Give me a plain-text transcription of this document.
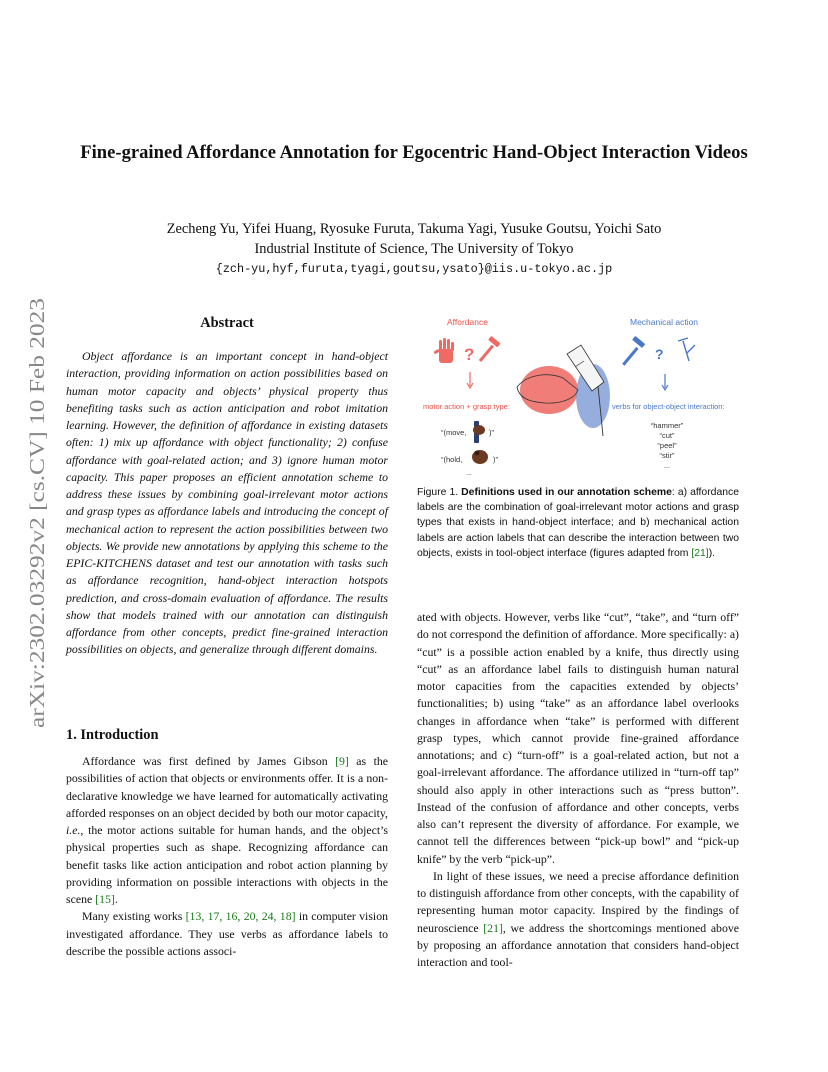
arXiv:2302.03292v2 [cs.CV] 10 Feb 2023
Fine-grained Affordance Annotation for Egocentric Hand-Object Interaction Videos
Zecheng Yu, Yifei Huang, Ryosuke Furuta, Takuma Yagi, Yusuke Goutsu, Yoichi Sato
Industrial Institute of Science, The University of Tokyo
{zch-yu,hyf,furuta,tyagi,goutsu,ysato}@iis.u-tokyo.ac.jp
Abstract

Object affordance is an important concept in hand-object interaction, providing information on action possibilities based on human motor capacity and objects’ physical property thus benefiting tasks such as action anticipation and robot imitation learning. However, the definition of affordance in existing datasets often: 1) mix up affordance with object functionality; 2) confuse affordance with goal-related action; and 3) ignore human motor capacity. This paper proposes an efficient annotation scheme to address these issues by combining goal-irrelevant motor actions and grasp types as affordance labels and introducing the concept of mechanical action to represent the action possibilities between two objects. We provide new annotations by applying this scheme to the EPIC-KITCHENS dataset and test our annotation with tasks such as affordance recognition, hand-object interaction hotspots prediction, and cross-domain evaluation of affordance. The results show that models trained with our annotation can distinguish affordance from other concepts, predict fine-grained interaction possibilities on objects, and generalize through different domains.

1. Introduction

Affordance was first defined by James Gibson [9] as the possibilities of action that objects or environments offer. It is a non-declarative knowledge we have learned for automatically activating afforded responses on an object decided by both our motor capacity, i.e., the motor actions suitable for human hands, and the object’s physical properties such as shape. Recognizing affordance can benefit tasks like action anticipation and robot action planning by providing information on possible interactions with objects in the scene [15].

Many existing works [13, 17, 16, 20, 24, 18] in computer vision investigated affordance. They use verbs as affordance labels to describe the possible actions associ-

Affordance	Mechanical action
?
motor action + grasp type:
“(move,	)”
“(hold,	)”
...
?
verbs for object-object interaction:
“hammer”
“cut”
“peel”
“stir”
...
Figure 1. Definitions used in our annotation scheme: a) affordance labels are the combination of goal-irrelevant motor actions and grasp types that exists in hand-object interface; and b) mechanical action labels are action labels that can describe the interaction between two objects, exists in tool-object interface (figures adapted from [21]).

ated with objects. However, verbs like “cut”, “take”, and “turn off” do not correspond the definition of affordance. More specifically: a) “cut” is a possible action enabled by a knife, thus directly using “cut” as an affordance label fails to distinguish human natural motor capacities from the capacities extended by objects’ functionalities; b) using “take” as an affordance label overlooks changes in affordance when “take” is performed with different grasp types, which cannot provide fine-grained affordance annotations; and c) “turn-off” is a goal-related action, but not a goal-irrelevant affordance. The affordance utilized in “turn-off tap” should also apply in other interactions such as “press button”. Instead of the confusion of affordance and other concepts, verbs also can’t represent the diversity of affordance. For example, we cannot tell the differences between “pick-up bowl” and “pick-up knife” by the verb “pick-up”.

In light of these issues, we need a precise affordance definition to distinguish affordance from other concepts, with the capability of representing human motor capacity. Inspired by the findings of neuroscience [21], we address the shortcomings mentioned above by proposing an affordance annotation that considers hand-object interaction and tool-
